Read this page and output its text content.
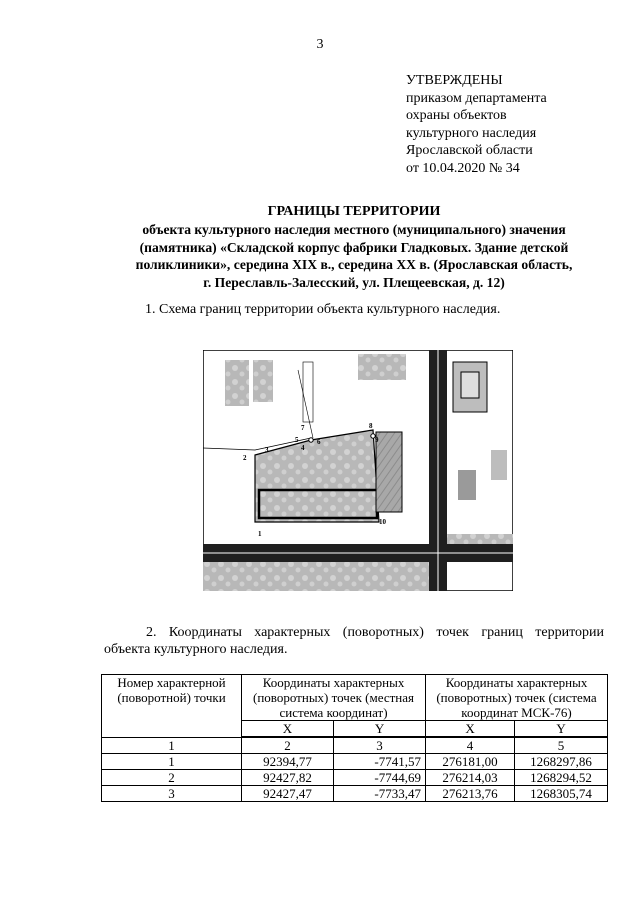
3
УТВЕРЖДЕНЫ
приказом департамента
охраны объектов
культурного наследия
Ярославской области
от 10.04.2020 № 34
ГРАНИЦЫ ТЕРРИТОРИИ
объекта культурного наследия местного (муниципального) значения
(памятника) «Складской корпус фабрики Гладковых. Здание детской
поликлиники», середина XIX в., середина XX в. (Ярославская область,
г. Переславль-Залесский, ул. Плещеевская, д. 12)
1. Схема границ территории объекта культурного наследия.
1
2
3	4
5	6
7	8
9
10
2. Координаты характерных (поворотных) точек границ территории
объекта культурного наследия.
Номер характерной (поворотной) точки	Координаты характерных (поворотных) точек (местная система координат)		Координаты характерных (поворотных) точек (система координат МСК-76)	
	X	Y	X	Y
1	2	3	4	5
1	92394,77	-7741,57	276181,00	1268297,86
2	92427,82	-7744,69	276214,03	1268294,52
3	92427,47	-7733,47	276213,76	1268305,74
